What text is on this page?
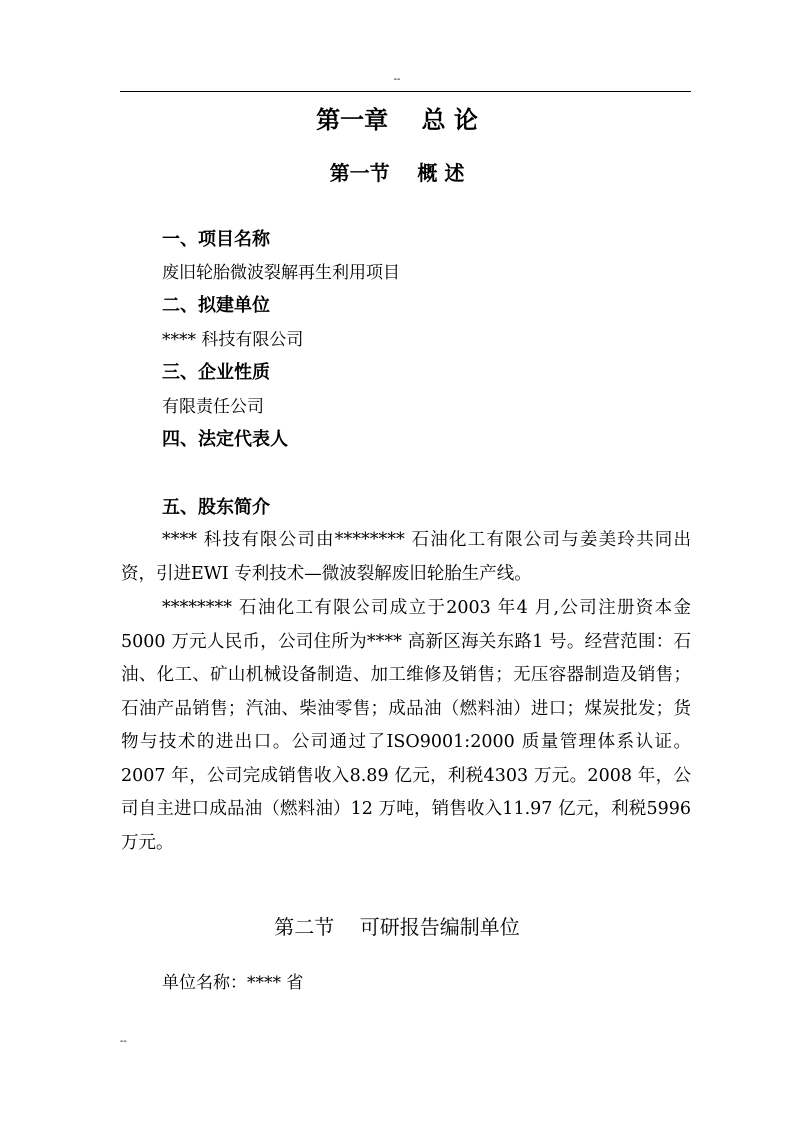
--
第一章    总 论
第一节    概 述
一、项目名称
废旧轮胎微波裂解再生利用项目
二、拟建单位
**** 科技有限公司
三、企业性质
有限责任公司
四、法定代表人
五、股东简介
**** 科技有限公司由******** 石油化工有限公司与姜美玲共同出资，引进EWI 专利技术—微波裂解废旧轮胎生产线。
******** 石油化工有限公司成立于2003 年4 月,公司注册资本金5000 万元人民币，公司住所为**** 高新区海关东路1 号。经营范围：石油、化工、矿山机械设备制造、加工维修及销售；无压容器制造及销售；石油产品销售；汽油、柴油零售；成品油（燃料油）进口；煤炭批发；货物与技术的进出口。公司通过了ISO9001:2000 质量管理体系认证。2007 年，公司完成销售收入8.89 亿元，利税4303 万元。2008 年，公司自主进口成品油（燃料油）12 万吨，销售收入11.97 亿元，利税5996 万元。
第二节    可研报告编制单位
单位名称：**** 省
--
